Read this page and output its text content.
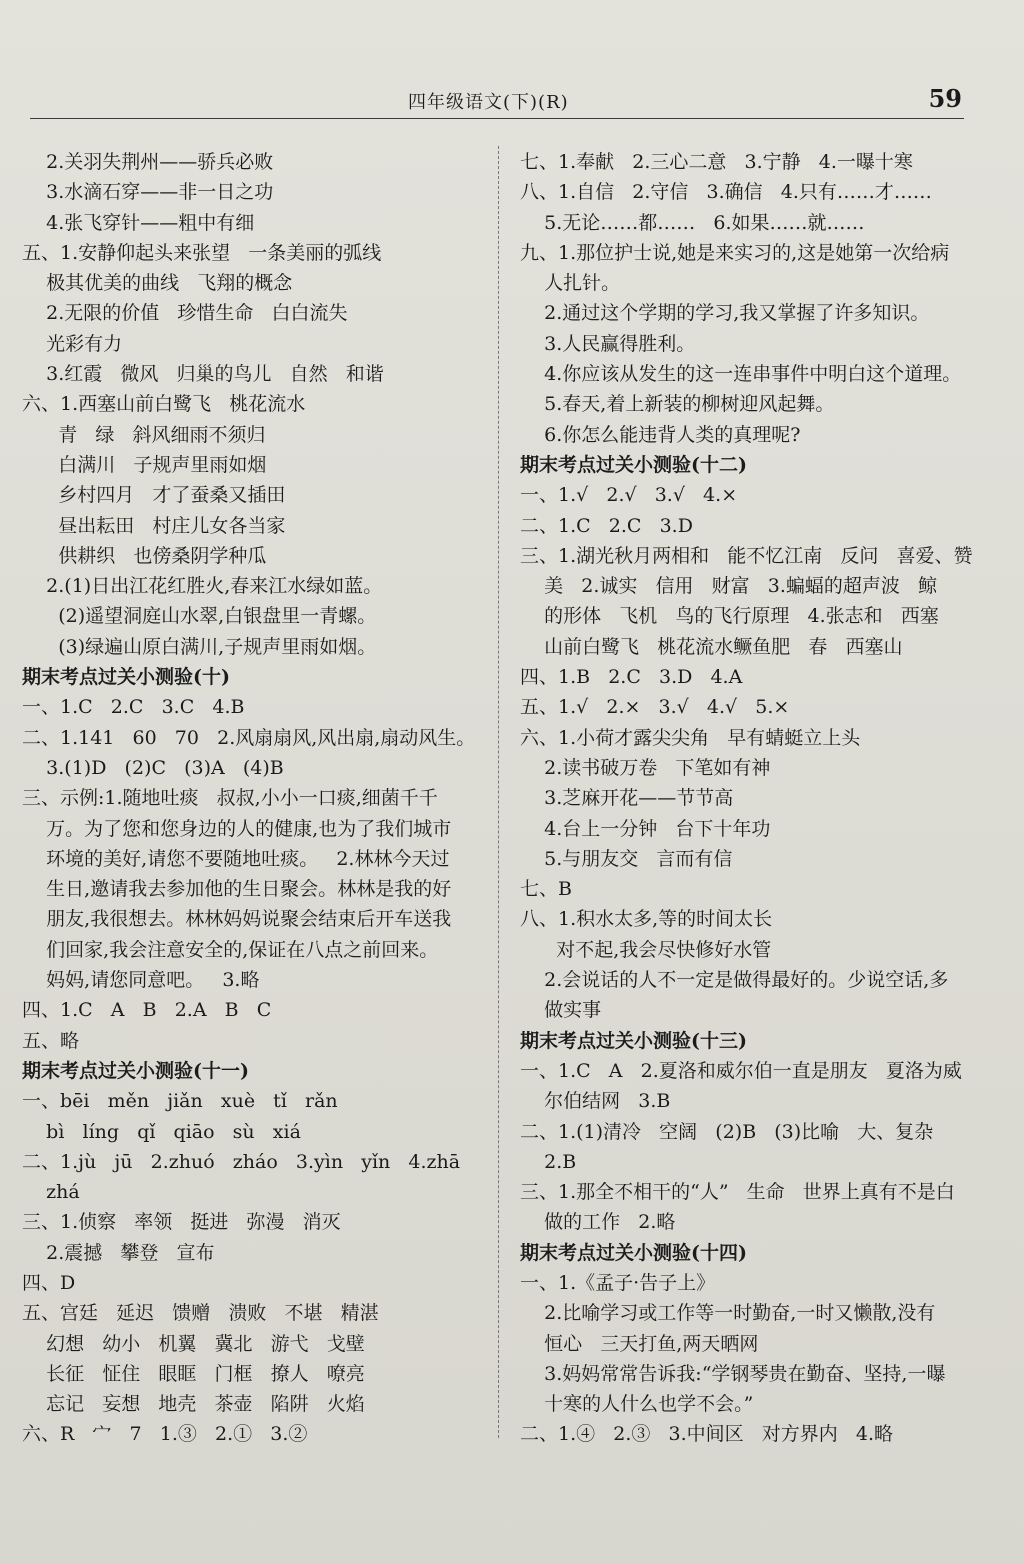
四年级语文(下)(R)	59
2.关羽失荆州——骄兵必败
3.水滴石穿——非一日之功
4.张飞穿针——粗中有细
五、1.安静仰起头来张望   一条美丽的弧线
极其优美的曲线   飞翔的概念
2.无限的价值   珍惜生命   白白流失
光彩有力
3.红霞   微风   归巢的鸟儿   自然   和谐
六、1.西塞山前白鹭飞   桃花流水
青   绿   斜风细雨不须归
白满川   子规声里雨如烟
乡村四月   才了蚕桑又插田
昼出耘田   村庄儿女各当家
供耕织   也傍桑阴学种瓜
2.(1)日出江花红胜火,春来江水绿如蓝。
(2)遥望洞庭山水翠,白银盘里一青螺。
(3)绿遍山原白满川,子规声里雨如烟。
期末考点过关小测验(十)
一、1.C   2.C   3.C   4.B
二、1.141   60   70   2.风扇扇风,风出扇,扇动风生。
3.(1)D   (2)C   (3)A   (4)B
三、示例:1.随地吐痰   叔叔,小小一口痰,细菌千千
万。为了您和您身边的人的健康,也为了我们城市
环境的美好,请您不要随地吐痰。   2.林林今天过
生日,邀请我去参加他的生日聚会。林林是我的好
朋友,我很想去。林林妈妈说聚会结束后开车送我
们回家,我会注意安全的,保证在八点之前回来。
妈妈,请您同意吧。   3.略
四、1.C   A   B   2.A   B   C
五、略
期末考点过关小测验(十一)
一、bēi   měn   jiǎn   xuè   tǐ   rǎn
bì   líng   qǐ   qiāo   sù   xiá
二、1.jù   jū   2.zhuó   zháo   3.yìn   yǐn   4.zhā
zhá
三、1.侦察   率领   挺进   弥漫   消灭
2.震撼   攀登   宣布
四、D
五、宫廷   延迟   馈赠   溃败   不堪   精湛
幻想   幼小   机翼   冀北   游弋   戈壁
长征   怔住   眼眶   门框   撩人   嘹亮
忘记   妄想   地壳   茶壶   陷阱   火焰
六、R   宀   7   1.③   2.①   3.②
七、1.奉献   2.三心二意   3.宁静   4.一曝十寒
八、1.自信   2.守信   3.确信   4.只有……才……
5.无论……都……   6.如果……就……
九、1.那位护士说,她是来实习的,这是她第一次给病
人扎针。
2.通过这个学期的学习,我又掌握了许多知识。
3.人民赢得胜利。
4.你应该从发生的这一连串事件中明白这个道理。
5.春天,着上新装的柳树迎风起舞。
6.你怎么能违背人类的真理呢?
期末考点过关小测验(十二)
一、1.√   2.√   3.√   4.×
二、1.C   2.C   3.D
三、1.湖光秋月两相和   能不忆江南   反问   喜爱、赞
美   2.诚实   信用   财富   3.蝙蝠的超声波   鲸
的形体   飞机   鸟的飞行原理   4.张志和   西塞
山前白鹭飞   桃花流水鳜鱼肥   春   西塞山
四、1.B   2.C   3.D   4.A
五、1.√   2.×   3.√   4.√   5.×
六、1.小荷才露尖尖角   早有蜻蜓立上头
2.读书破万卷   下笔如有神
3.芝麻开花——节节高
4.台上一分钟   台下十年功
5.与朋友交   言而有信
七、B
八、1.积水太多,等的时间太长
对不起,我会尽快修好水管
2.会说话的人不一定是做得最好的。少说空话,多
做实事
期末考点过关小测验(十三)
一、1.C   A   2.夏洛和威尔伯一直是朋友   夏洛为威
尔伯结网   3.B
二、1.(1)清冷   空阔   (2)B   (3)比喻   大、复杂
2.B
三、1.那全不相干的“人”   生命   世界上真有不是白
做的工作   2.略
期末考点过关小测验(十四)
一、1.《孟子·告子上》
2.比喻学习或工作等一时勤奋,一时又懒散,没有
恒心   三天打鱼,两天晒网
3.妈妈常常告诉我:“学钢琴贵在勤奋、坚持,一曝
十寒的人什么也学不会。”
二、1.④   2.③   3.中间区   对方界内   4.略
